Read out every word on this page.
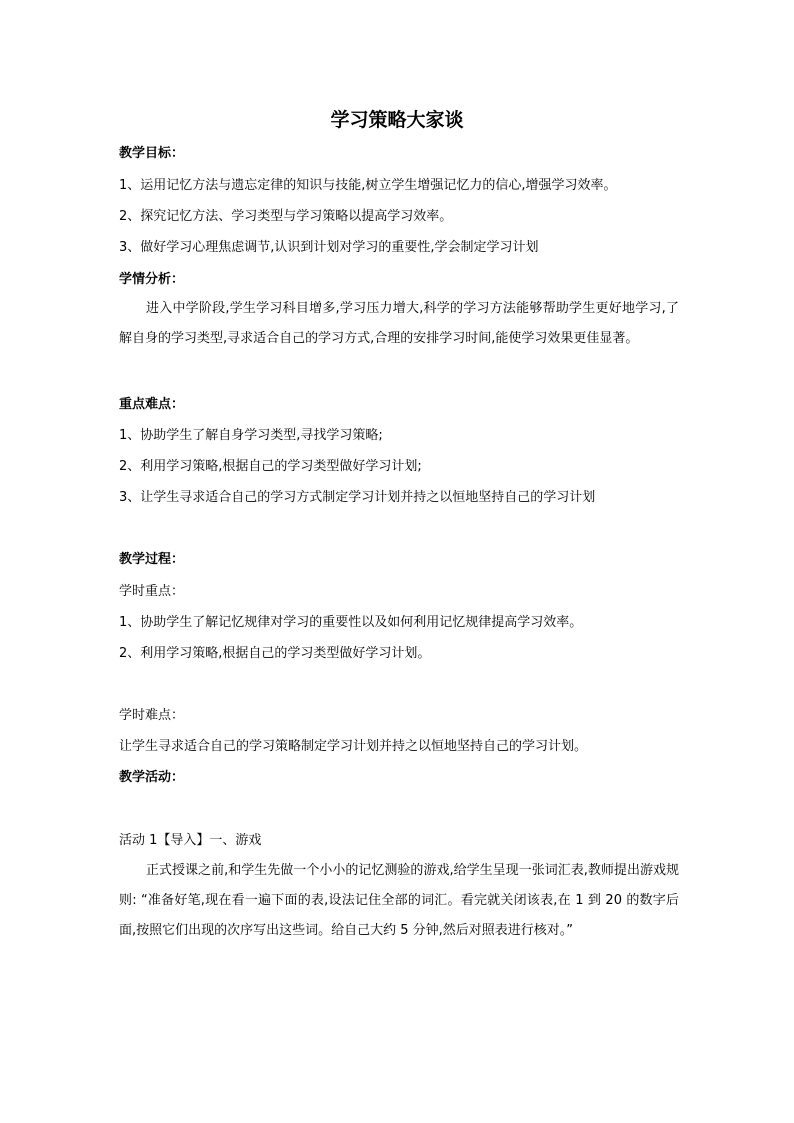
学习策略大家谈
教学目标：
1、运用记忆方法与遗忘定律的知识与技能,树立学生增强记忆力的信心,增强学习效率。
2、探究记忆方法、学习类型与学习策略以提高学习效率。
3、做好学习心理焦虑调节,认识到计划对学习的重要性,学会制定学习计划
学情分析：
进入中学阶段,学生学习科目增多,学习压力增大,科学的学习方法能够帮助学生更好地学习,了解自身的学习类型,寻求适合自己的学习方式,合理的安排学习时间,能使学习效果更佳显著。
重点难点：
1、协助学生了解自身学习类型,寻找学习策略;
2、利用学习策略,根据自己的学习类型做好学习计划;
3、让学生寻求适合自己的学习方式制定学习计划并持之以恒地坚持自己的学习计划
教学过程：
学时重点：
1、协助学生了解记忆规律对学习的重要性以及如何利用记忆规律提高学习效率。
2、利用学习策略,根据自己的学习类型做好学习计划。
学时难点：
让学生寻求适合自己的学习策略制定学习计划并持之以恒地坚持自己的学习计划。
教学活动：
活动 1【导入】一、游戏
正式授课之前,和学生先做一个小小的记忆测验的游戏,给学生呈现一张词汇表,教师提出游戏规则: “准备好笔,现在看一遍下面的表,设法记住全部的词汇。看完就关闭该表,在 1 到 20 的数字后面,按照它们出现的次序写出这些词。给自己大约 5 分钟,然后对照表进行核对。”
